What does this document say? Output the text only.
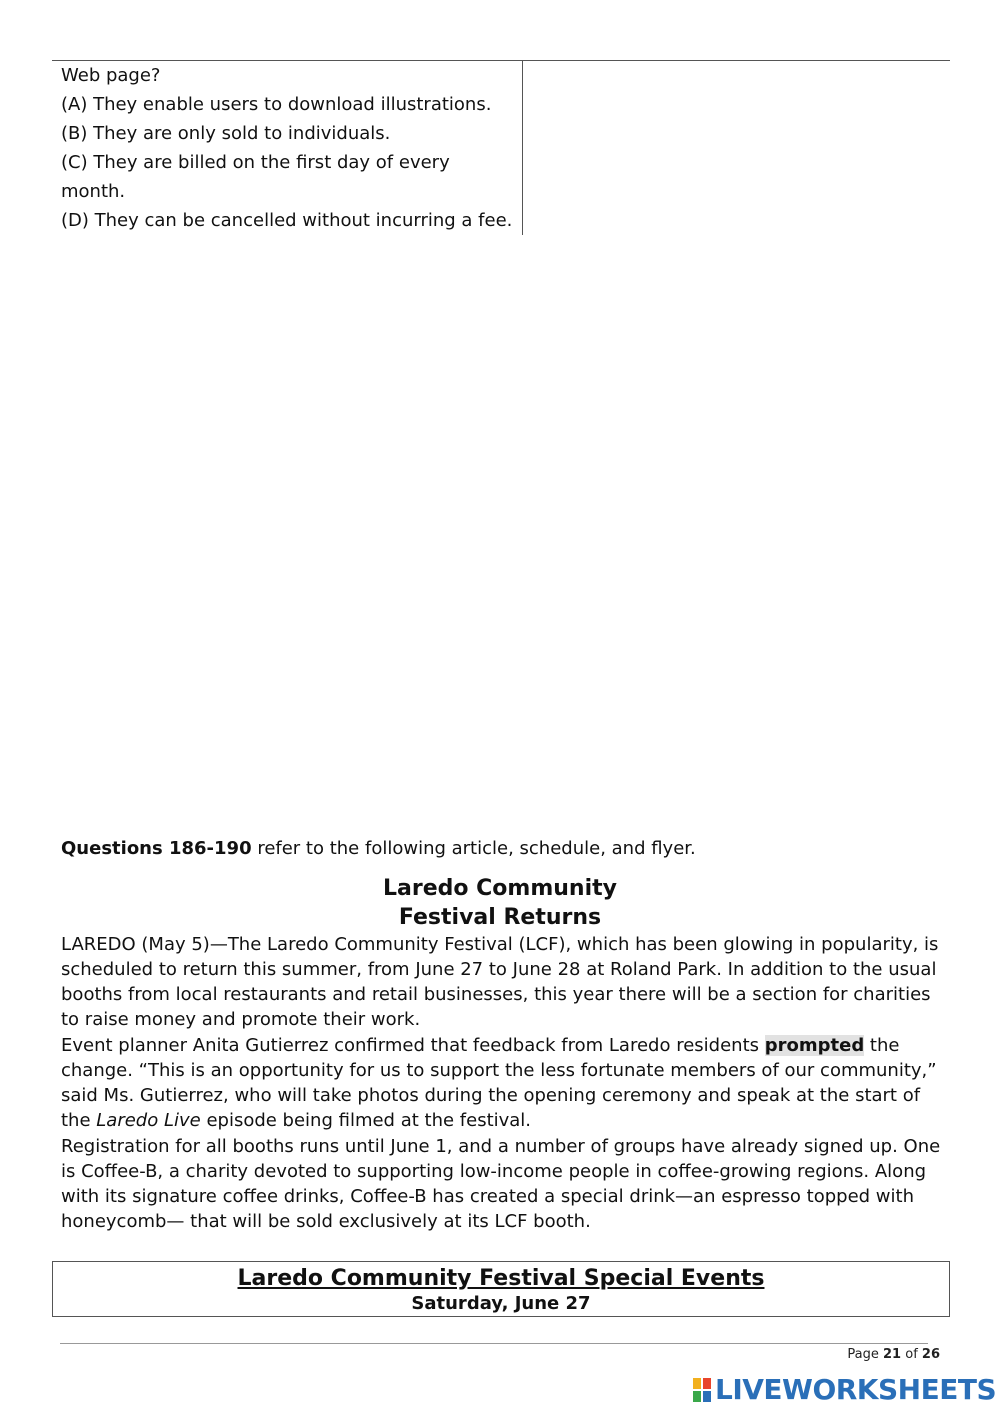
Web page?
(A) They enable users to download illustrations.
(B) They are only sold to individuals.
(C) They are billed on the first day of every
month.
(D) They can be cancelled without incurring a fee.
Questions 186-190 refer to the following article, schedule, and flyer.
Laredo Community
Festival Returns
LAREDO (May 5)—The Laredo Community Festival (LCF), which has been glowing in popularity, is scheduled to return this summer, from June 27 to June 28 at Roland Park. In addition to the usual booths from local restaurants and retail businesses, this year there will be a section for charities to raise money and promote their work.
Event planner Anita Gutierrez confirmed that feedback from Laredo residents prompted the change. “This is an opportunity for us to support the less fortunate members of our community,” said Ms. Gutierrez, who will take photos during the opening ceremony and speak at the start of the Laredo Live episode being filmed at the festival.
Registration for all booths runs until June 1, and a number of groups have already signed up. One is Coffee-B, a charity devoted to supporting low-income people in coffee-growing regions. Along with its signature coffee drinks, Coffee-B has created a special drink—an espresso topped with honeycomb— that will be sold exclusively at its LCF booth.
Laredo Community Festival Special Events
Saturday, June 27
Page 21 of 26
LIVEWORKSHEETS
